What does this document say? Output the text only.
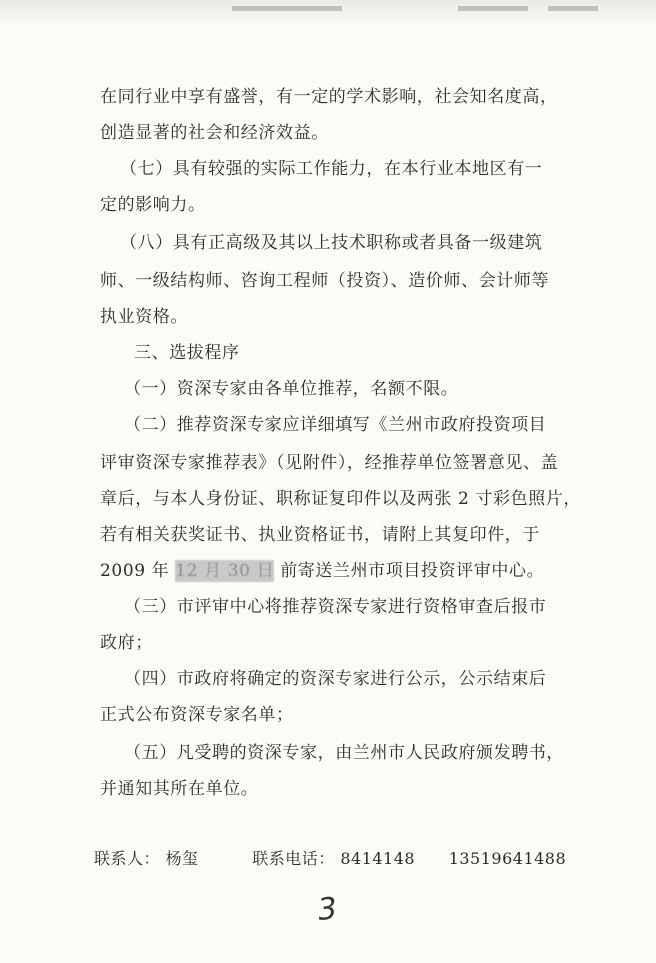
在同行业中享有盛誉，有一定的学术影响，社会知名度高，
创造显著的社会和经济效益。
（七）具有较强的实际工作能力，在本行业本地区有一
定的影响力。
（八）具有正高级及其以上技术职称或者具备一级建筑
师、一级结构师、咨询工程师（投资）、造价师、会计师等
执业资格。
三、选拔程序
（一）资深专家由各单位推荐，名额不限。
（二）推荐资深专家应详细填写《兰州市政府投资项目
评审资深专家推荐表》（见附件），经推荐单位签署意见、盖
章后，与本人身份证、职称证复印件以及两张 2 寸彩色照片，
若有相关获奖证书、执业资格证书，请附上其复印件，于
2009 年 12 月 30 日 前寄送兰州市项目投资评审中心。
（三）市评审中心将推荐资深专家进行资格审查后报市
政府；
（四）市政府将确定的资深专家进行公示，公示结束后
正式公布资深专家名单；
（五）凡受聘的资深专家，由兰州市人民政府颁发聘书，
并通知其所在单位。
联系人： 杨玺	联系电话： 8414148 13519641488
3
